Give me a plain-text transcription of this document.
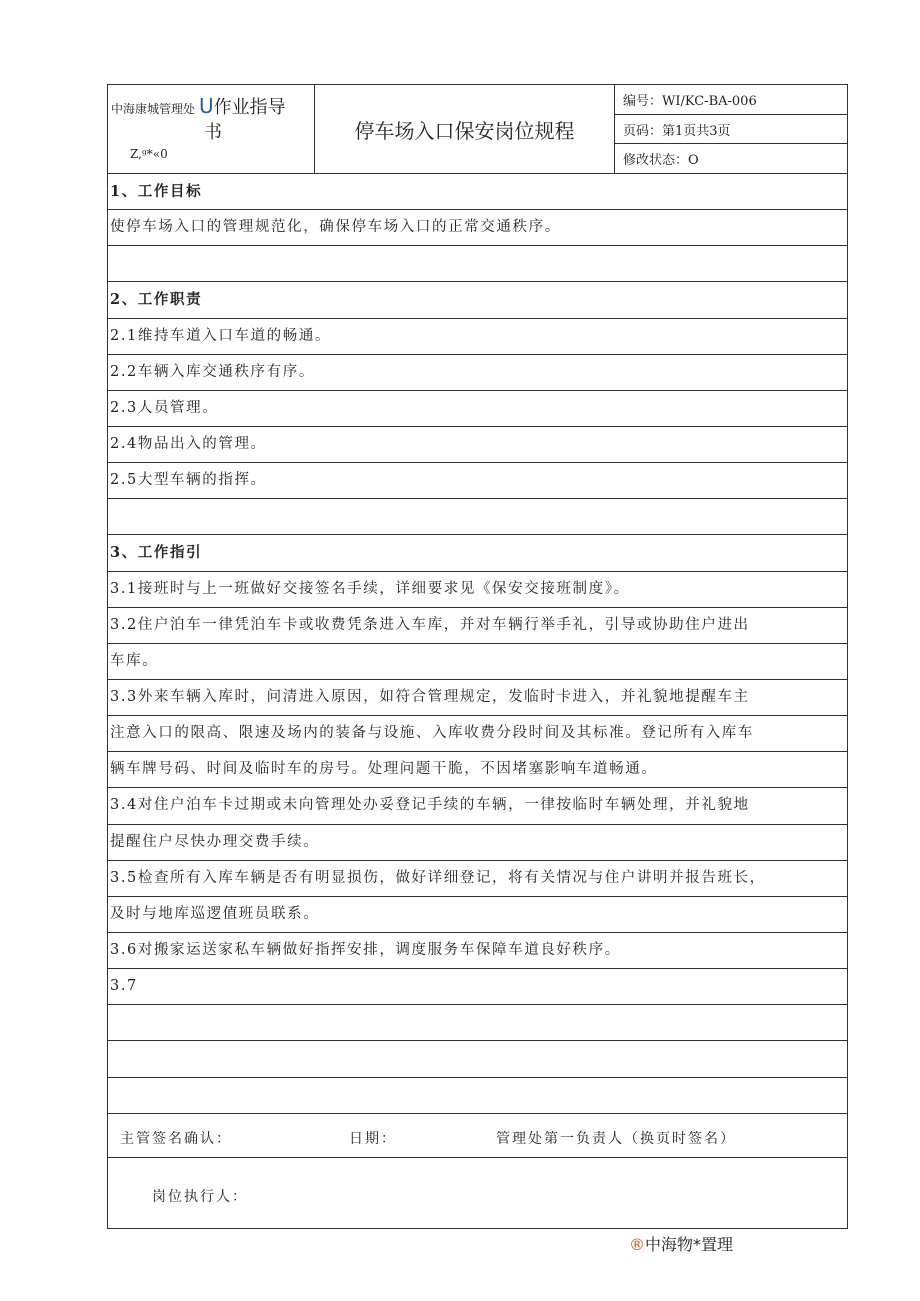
中海康城管理处 U作业指导
书
Z,ᵍ*«0
停车场入口保安岗位规程
编号：WI/KC-BA-006
页码：第1页共3页
修改状态：O
1、工作目标
使停车场入口的管理规范化，确保停车场入口的正常交通秩序。
2、工作职责
2.1维持车道入口车道的畅通。
2.2车辆入库交通秩序有序。
2.3人员管理。
2.4物品出入的管理。
2.5大型车辆的指挥。
3、工作指引
3.1接班时与上一班做好交接签名手续，详细要求见《保安交接班制度》。
3.2住户泊车一律凭泊车卡或收费凭条进入车库，并对车辆行举手礼，引导或协助住户进出
车库。
3.3外来车辆入库时，问清进入原因，如符合管理规定，发临时卡进入，并礼貌地提醒车主
注意入口的限高、限速及场内的装备与设施、入库收费分段时间及其标准。登记所有入库车
辆车牌号码、时间及临时车的房号。处理问题干脆，不因堵塞影响车道畅通。
3.4对住户泊车卡过期或未向管理处办妥登记手续的车辆，一律按临时车辆处理，并礼貌地
提醒住户尽快办理交费手续。
3.5检查所有入库车辆是否有明显损伤，做好详细登记，将有关情况与住户讲明并报告班长，
及时与地库巡逻值班员联系。
3.6对搬家运送家私车辆做好指挥安排，调度服务车保障车道良好秩序。
3.7
主管签名确认：	日期：	管理处第一负责人（换页时签名）
岗位执行人：
®中海物*置理
